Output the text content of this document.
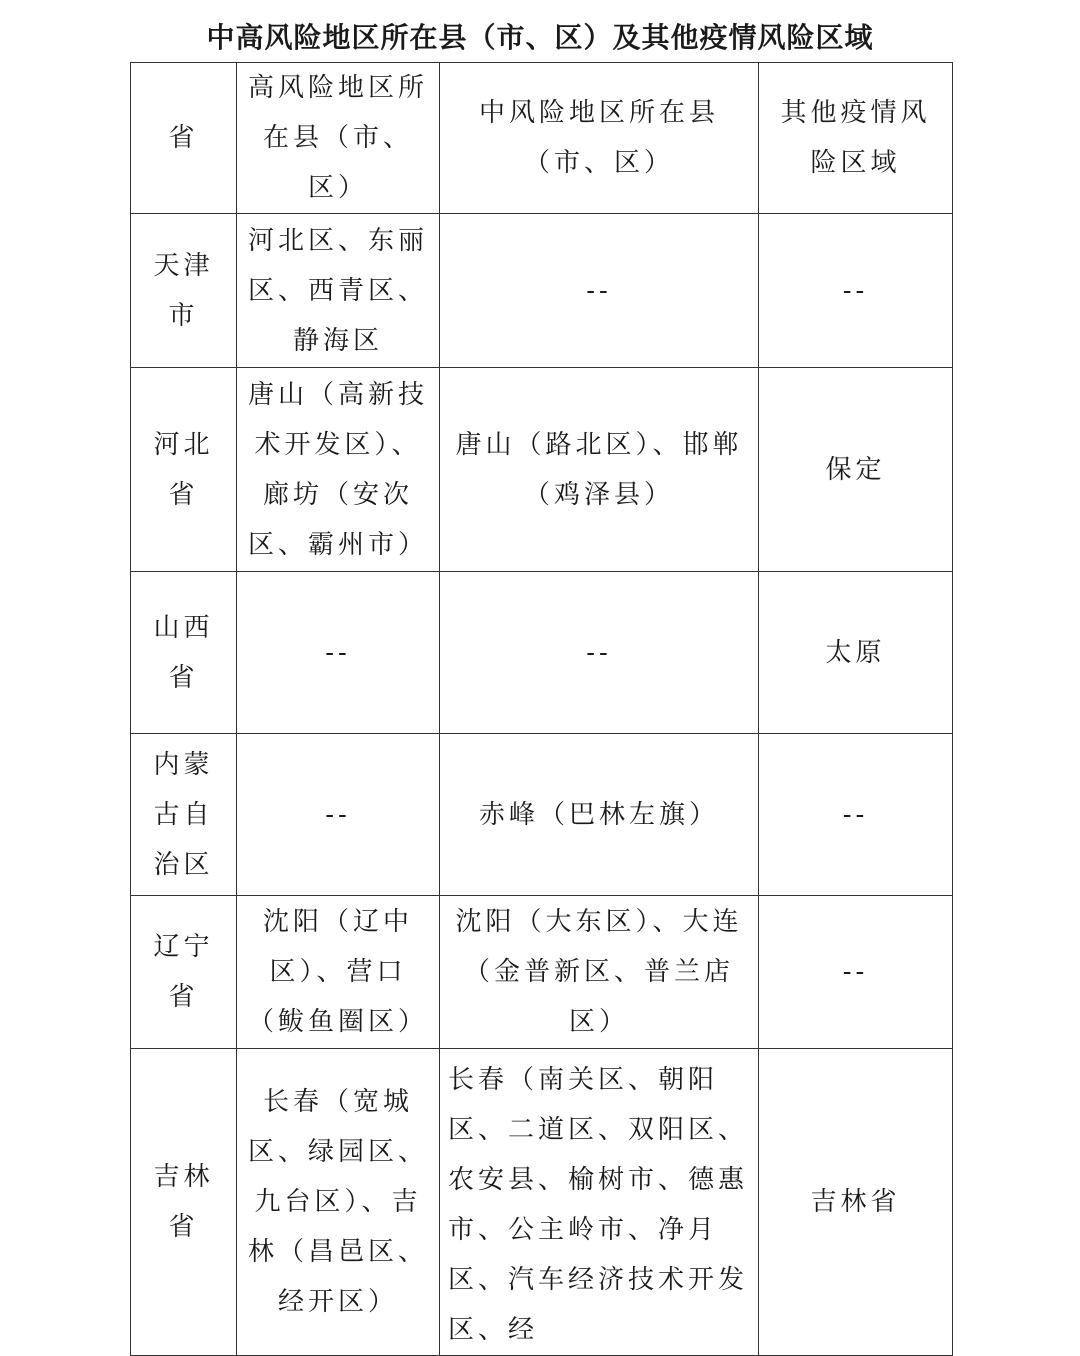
中高风险地区所在县（市、区）及其他疫情风险区域
省	高风险地区所在县（市、区）	中风险地区所在县（市、区）	其他疫情风险区域
天津市	河北区、东丽区、西青区、静海区	--	--
河北省	唐山（高新技术开发区）、廊坊（安次区、霸州市）	唐山（路北区）、邯郸（鸡泽县）	保定
山西省	--	--	太原
内蒙古自治区	--	赤峰（巴林左旗）	--
辽宁省	沈阳（辽中区）、营口（鲅鱼圈区）	沈阳（大东区）、大连（金普新区、普兰店区）	--
吉林省	长春（宽城区、绿园区、九台区）、吉林（昌邑区、经开区）	长春（南关区、朝阳区、二道区、双阳区、农安县、榆树市、德惠市、公主岭市、净月区、汽车经济技术开发区、经	吉林省
